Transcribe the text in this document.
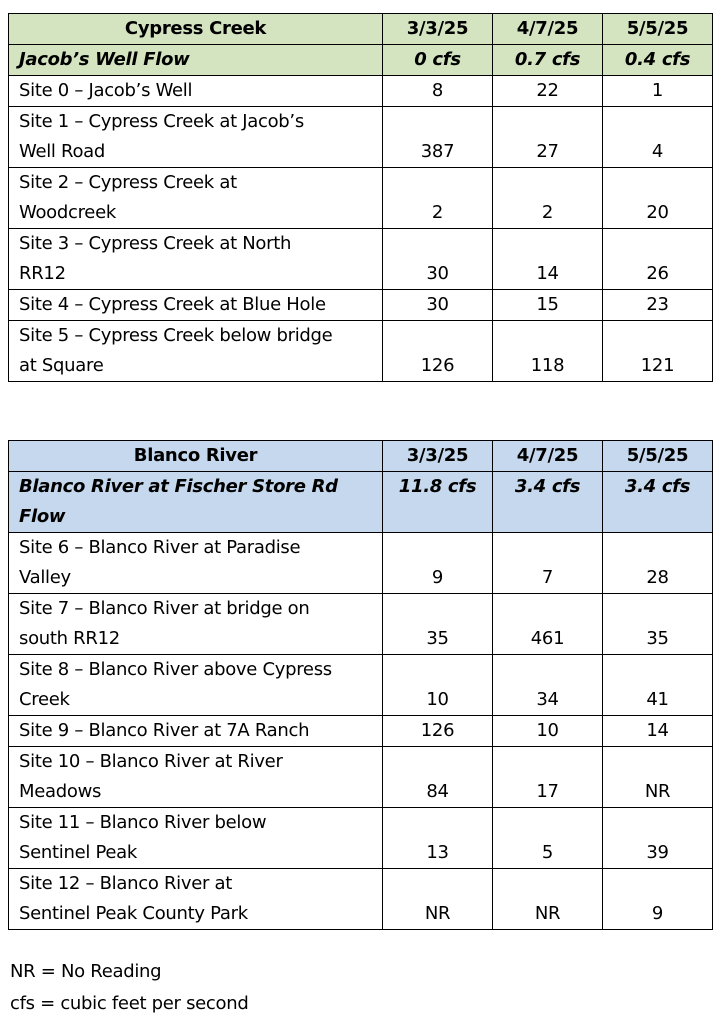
Cypress Creek	3/3/25	4/7/25	5/5/25
Jacob’s Well Flow	0 cfs	0.7 cfs	0.4 cfs
Site 0 – Jacob’s Well	8	22	1
Site 1 – Cypress Creek at Jacob’s
Well Road	387	27	4
Site 2 – Cypress Creek at
Woodcreek	2	2	20
Site 3 – Cypress Creek at North
RR12	30	14	26
Site 4 – Cypress Creek at Blue Hole	30	15	23
Site 5 – Cypress Creek below bridge
at Square	126	118	121
Blanco River	3/3/25	4/7/25	5/5/25
Blanco River at Fischer Store Rd
Flow	11.8 cfs	3.4 cfs	3.4 cfs
Site 6 – Blanco River at Paradise
Valley	9	7	28
Site 7 – Blanco River at bridge on
south RR12	35	461	35
Site 8 – Blanco River above Cypress
Creek	10	34	41
Site 9 – Blanco River at 7A Ranch	126	10	14
Site 10 – Blanco River at River
Meadows	84	17	NR
Site 11 – Blanco River below
Sentinel Peak	13	5	39
Site 12 – Blanco River at
Sentinel Peak County Park	NR	NR	9
NR = No Reading
cfs = cubic feet per second
